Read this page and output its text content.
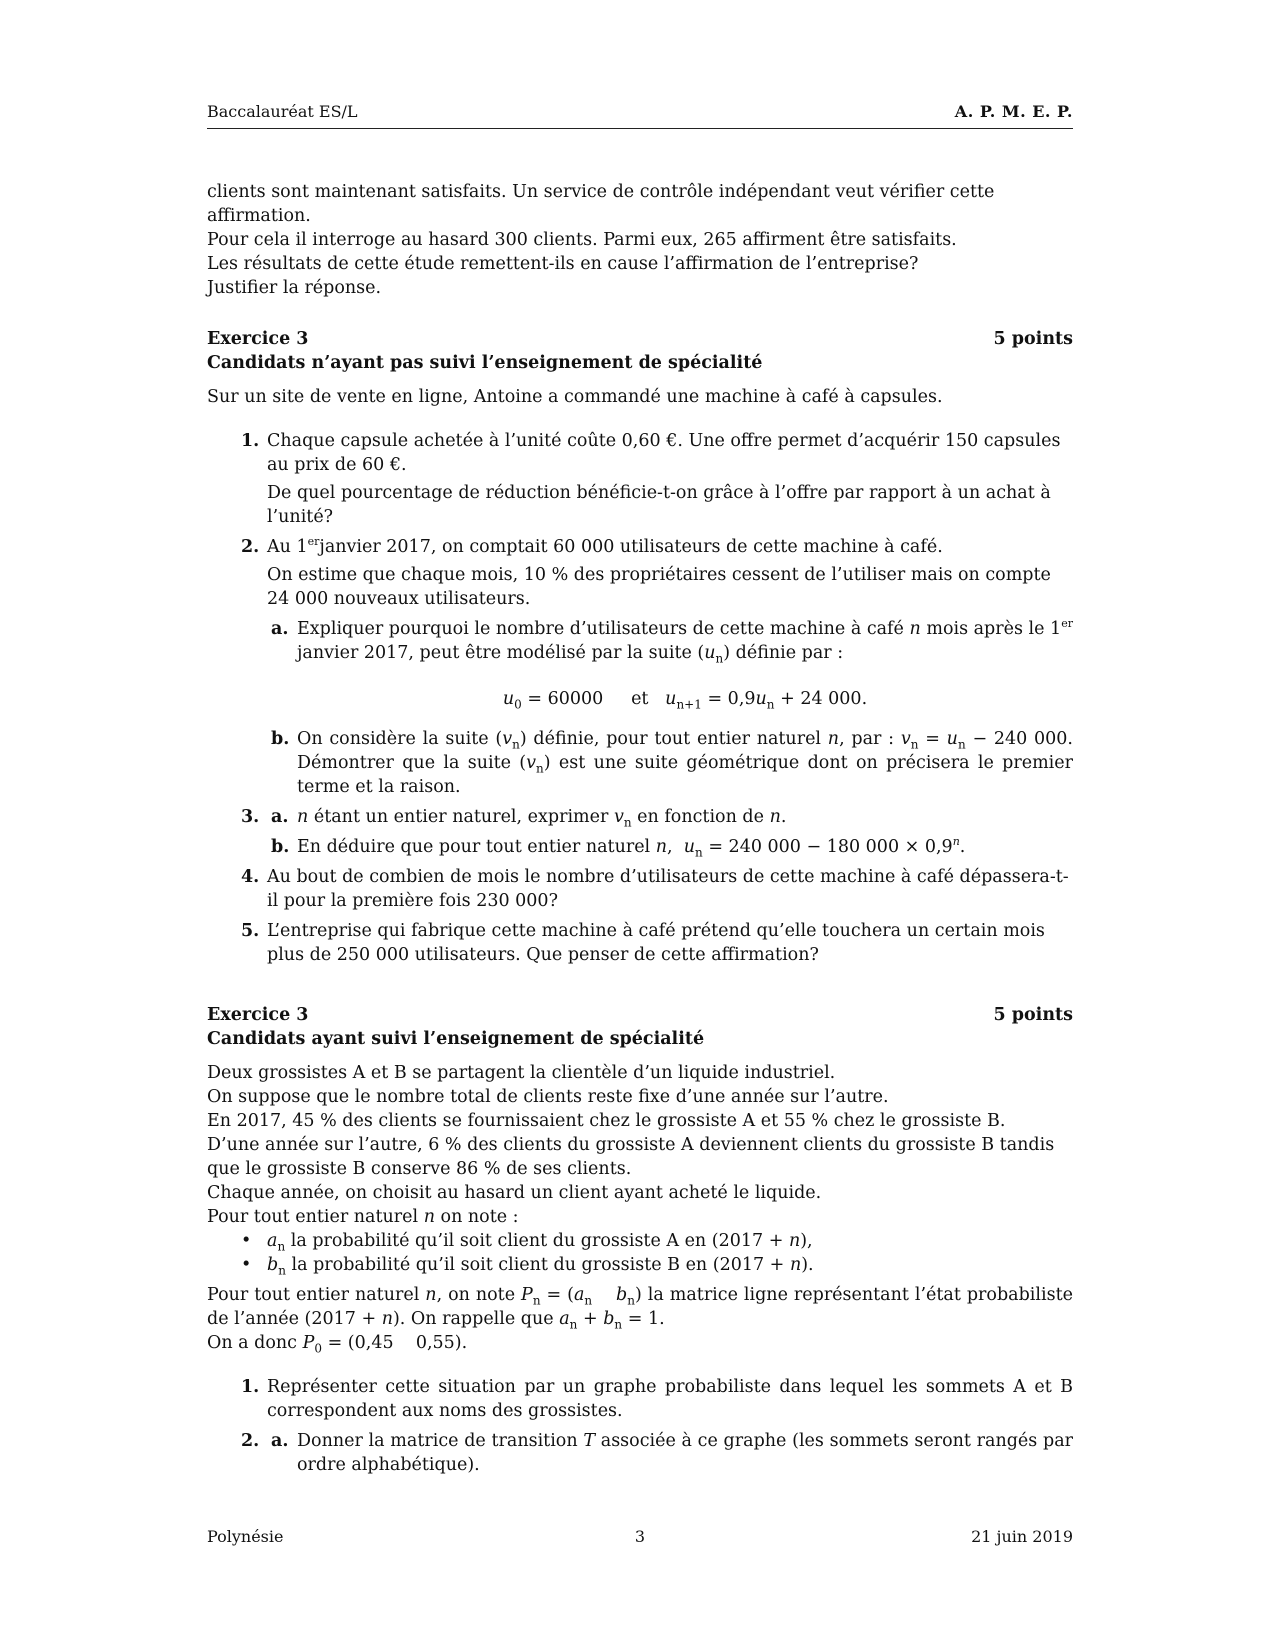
Baccalauréat ES/L	A. P. M. E. P.

clients sont maintenant satisfaits. Un service de contrôle indépendant veut vérifier cette affirmation.

Pour cela il interroge au hasard 300 clients. Parmi eux, 265 affirment être satisfaits.

Les résultats de cette étude remettent-ils en cause l’affirmation de l’entreprise?

Justifier la réponse.

Exercice 3	5 points

Candidats n’ayant pas suivi l’enseignement de spécialité

Sur un site de vente en ligne, Antoine a commandé une machine à café à capsules.

1. Chaque capsule achetée à l’unité coûte 0,60 €. Une offre permet d’acquérir 150 capsules au prix de 60 €.

De quel pourcentage de réduction bénéficie-t-on grâce à l’offre par rapport à un achat à l’unité?

2. Au 1erjanvier 2017, on comptait 60 000 utilisateurs de cette machine à café.

On estime que chaque mois, 10 % des propriétaires cessent de l’utiliser mais on compte 24 000 nouveaux utilisateurs.

a. Expliquer pourquoi le nombre d’utilisateurs de cette machine à café n mois après le 1er janvier 2017, peut être modélisé par la suite $(u_n)$ définie par :

$u_0 = 60000$ et $u_{n+1} = 0,9u_n + 24$ 000.

b. On considère la suite $(v_n)$ définie, pour tout entier naturel n, par : $v_n = u_n - 240$ 000. Démontrer que la suite $(v_n)$ est une suite géométrique dont on précisera le premier terme et la raison.

3. a. n étant un entier naturel, exprimer $v_n$ en fonction de n.

b. En déduire que pour tout entier naturel n, $u_n = 240$ 000 − 180 $000 \times 0,9^n$.

4. Au bout de combien de mois le nombre d’utilisateurs de cette machine à café dépassera-t-il pour la première fois 230 000?

5. L’entreprise qui fabrique cette machine à café prétend qu’elle touchera un certain mois plus de 250 000 utilisateurs. Que penser de cette affirmation?

Exercice 3	5 points

Candidats ayant suivi l’enseignement de spécialité

Deux grossistes A et B se partagent la clientèle d’un liquide industriel.

On suppose que le nombre total de clients reste fixe d’une année sur l’autre.

En 2017, 45 % des clients se fournissaient chez le grossiste A et 55 % chez le grossiste B.

D’une année sur l’autre, 6 % des clients du grossiste A deviennent clients du grossiste B tandis que le grossiste B conserve 86 % de ses clients.

Chaque année, on choisit au hasard un client ayant acheté le liquide.

Pour tout entier naturel n on note :

• $a_n$ la probabilité qu’il soit client du grossiste A en (2017 + n),
• $b_n$ la probabilité qu’il soit client du grossiste B en (2017 + n).

Pour tout entier naturel n, on note $P_n = (a_n$ $b_n$) la matrice ligne représentant l’état probabiliste de l’année (2017 + n). On rappelle que $a_n + b_n = 1$.

On a donc $P_0 = (0,45$    0,55).

1. Représenter cette situation par un graphe probabiliste dans lequel les sommets A et B correspondent aux noms des grossistes.

2. a. Donner la matrice de transition T associée à ce graphe (les sommets seront rangés par ordre alphabétique).

Polynésie	3	21 juin 2019
